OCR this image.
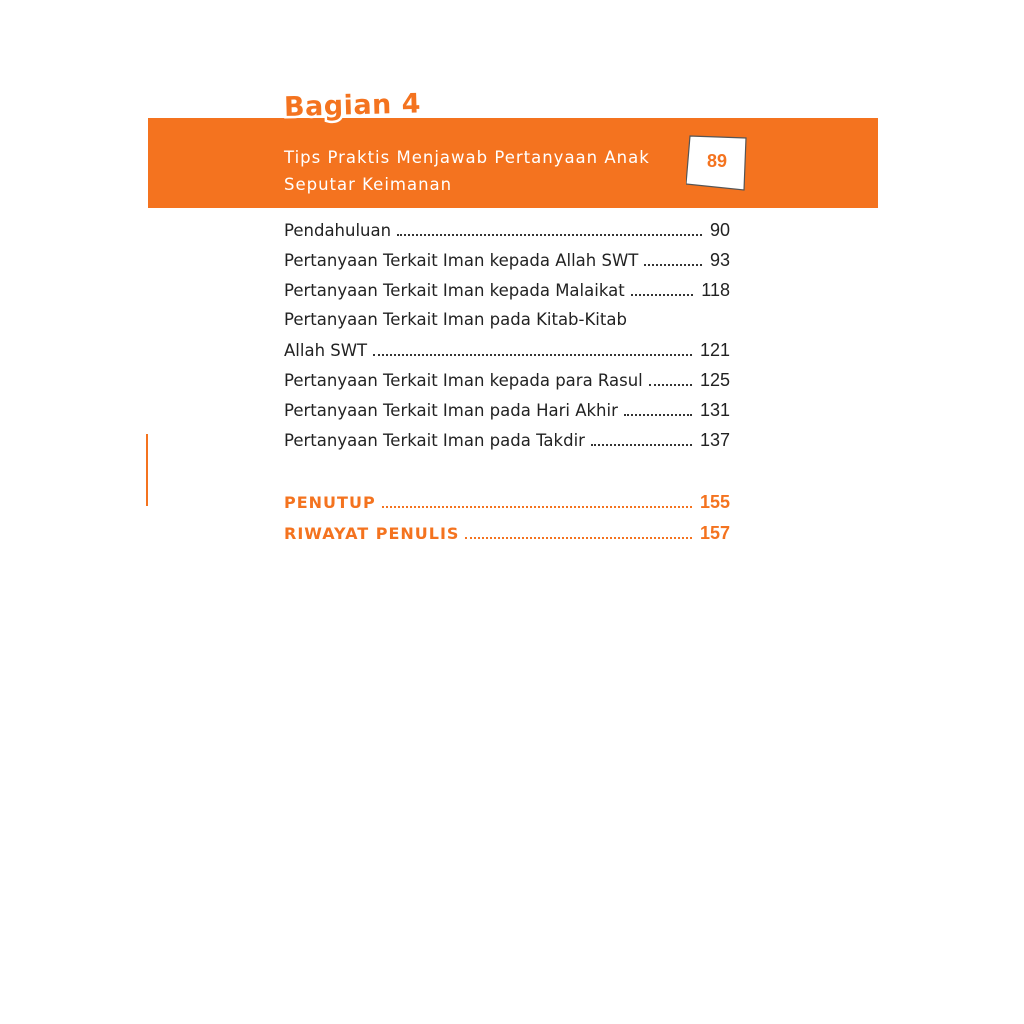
Bagian 4
Tips Praktis Menjawab Pertanyaan Anak
Seputar Keimanan
89
Pendahuluan	90
Pertanyaan Terkait Iman kepada Allah SWT	93
Pertanyaan Terkait Iman kepada Malaikat	118
Pertanyaan Terkait Iman pada Kitab-Kitab
Allah SWT	121
Pertanyaan Terkait Iman kepada para Rasul	125
Pertanyaan Terkait Iman pada Hari Akhir	131
Pertanyaan Terkait Iman pada Takdir	137
PENUTUP	155
RIWAYAT PENULIS	157
